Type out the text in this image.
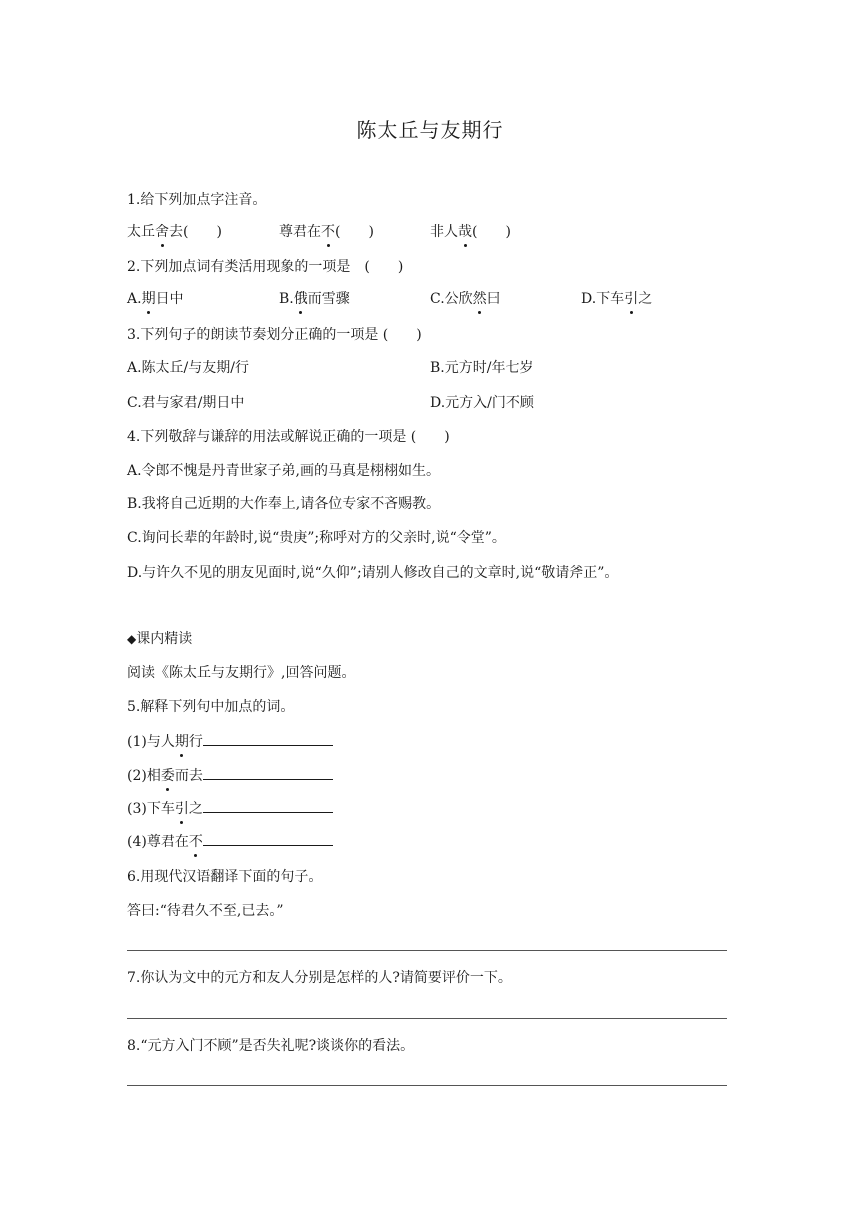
陈太丘与友期行
1.给下列加点字注音。
太丘舍去(　　)	尊君在不(　　)	非人哉(　　)
2.下列加点词有类活用现象的一项是　(　　)
A.期日中	B.俄而雪骤	C.公欣然曰	D.下车引之
3.下列句子的朗读节奏划分正确的一项是 (　　)
A.陈太丘/与友期/行	B.元方时/年七岁
C.君与家君/期日中	D.元方入/门不顾
4.下列敬辞与谦辞的用法或解说正确的一项是 (　　)
A.令郎不愧是丹青世家子弟,画的马真是栩栩如生。
B.我将自己近期的大作奉上,请各位专家不吝赐教。
C.询问长辈的年龄时,说“贵庚”;称呼对方的父亲时,说“令堂”。
D.与许久不见的朋友见面时,说“久仰”;请别人修改自己的文章时,说“敬请斧正”。
◆课内精读
阅读《陈太丘与友期行》,回答问题。
5.解释下列句中加点的词。
(1)与人期行
(2)相委而去
(3)下车引之
(4)尊君在不
6.用现代汉语翻译下面的句子。
答曰:“待君久不至,已去。”
7.你认为文中的元方和友人分别是怎样的人?请简要评价一下。
8.“元方入门不顾”是否失礼呢?谈谈你的看法。
